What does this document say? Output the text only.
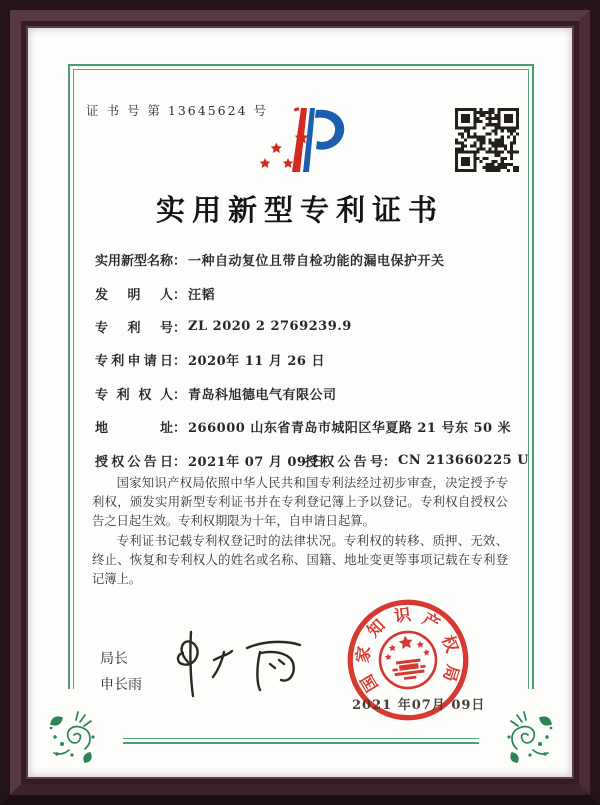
证 书 号 第 13645624 号
实用新型专利证书
实用新型名称 ： 一种自动复位且带自检功能的漏电保护开关
发明人 ： 汪韬
专利号 ： ZL 2020 2 2769239.9
专利申请日 ： 2020年 11 月 26 日
专利权人 ： 青岛科旭德电气有限公司
地址 ： 266000 山东省青岛市城阳区华夏路 21 号东 50 米
授权公告日 ： 2021年 07 月 09 日
授权公告号 ： CN 213660225 U

国家知识产权局依照中华人民共和国专利法经过初步审查，决定授予专利权，颁发实用新型专利证书并在专利登记簿上予以登记。专利权自授权公告之日起生效。专利权期限为十年，自申请日起算。

专利证书记载专利权登记时的法律状况。专利权的转移、质押、无效、终止、恢复和专利权人的姓名或名称、国籍、地址变更等事项记载在专利登记簿上。

局长
申长雨	国
家
知
识 产
权
局
2021 年07月 09日
